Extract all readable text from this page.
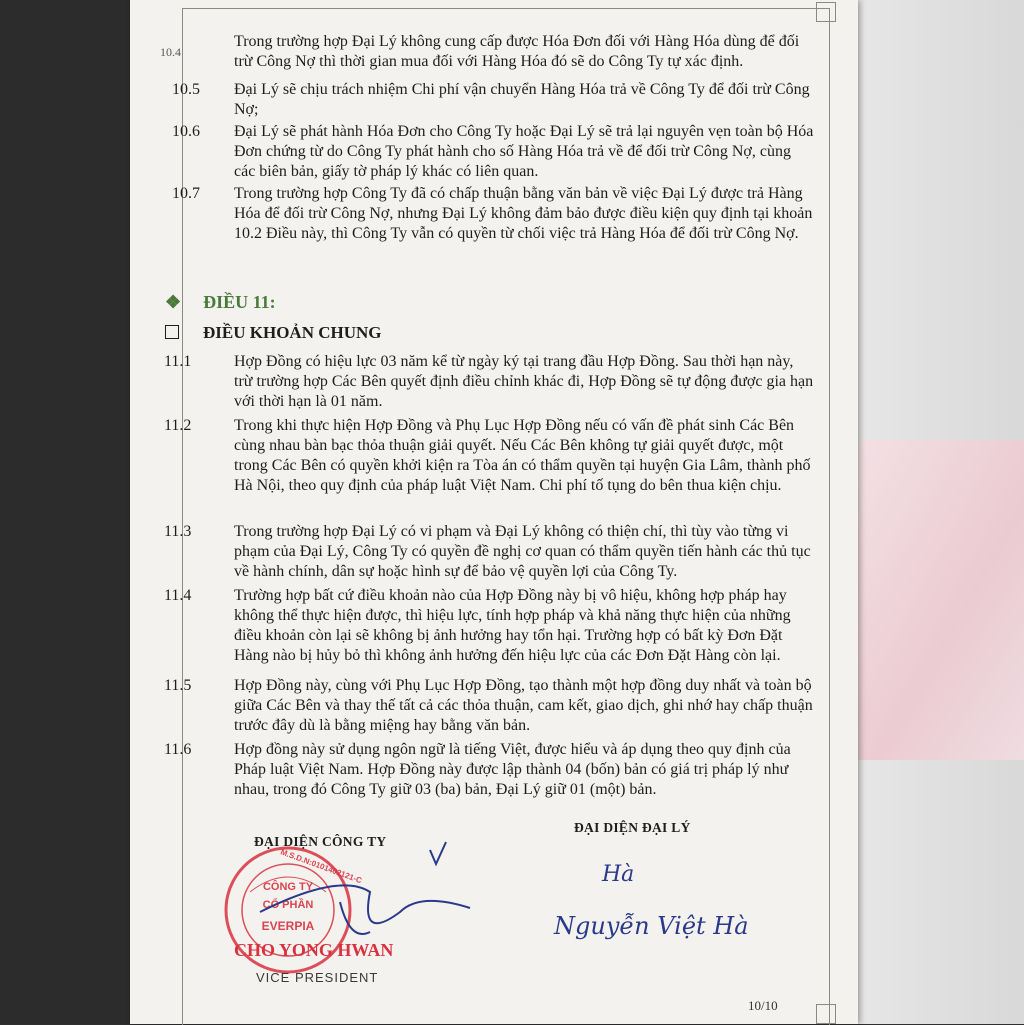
10.4
Trong trường hợp Đại Lý không cung cấp được Hóa Đơn đối với Hàng Hóa dùng để đối trừ Công Nợ thì thời gian mua đối với Hàng Hóa đó sẽ do Công Ty tự xác định.
10.5	Đại Lý sẽ chịu trách nhiệm Chi phí vận chuyển Hàng Hóa trả về Công Ty để đối trừ Công Nợ;
10.6	Đại Lý sẽ phát hành Hóa Đơn cho Công Ty hoặc Đại Lý sẽ trả lại nguyên vẹn toàn bộ Hóa Đơn chứng từ do Công Ty phát hành cho số Hàng Hóa trả về để đối trừ Công Nợ, cùng các biên bản, giấy tờ pháp lý khác có liên quan.
10.7	Trong trường hợp Công Ty đã có chấp thuận bằng văn bản về việc Đại Lý được trả Hàng Hóa để đối trừ Công Nợ, nhưng Đại Lý không đảm bảo được điều kiện quy định tại khoản 10.2 Điều này, thì Công Ty vẫn có quyền từ chối việc trả Hàng Hóa để đối trừ Công Nợ.
❖ ĐIỀU 11:
ĐIỀU KHOẢN CHUNG
11.1	Hợp Đồng có hiệu lực 03 năm kể từ ngày ký tại trang đầu Hợp Đồng. Sau thời hạn này, trừ trường hợp Các Bên quyết định điều chỉnh khác đi, Hợp Đồng sẽ tự động được gia hạn với thời hạn là 01 năm.
11.2	Trong khi thực hiện Hợp Đồng và Phụ Lục Hợp Đồng nếu có vấn đề phát sinh Các Bên cùng nhau bàn bạc thỏa thuận giải quyết. Nếu Các Bên không tự giải quyết được, một trong Các Bên có quyền khởi kiện ra Tòa án có thẩm quyền tại huyện Gia Lâm, thành phố Hà Nội, theo quy định của pháp luật Việt Nam. Chi phí tố tụng do bên thua kiện chịu.
11.3	Trong trường hợp Đại Lý có vi phạm và Đại Lý không có thiện chí, thì tùy vào từng vi phạm của Đại Lý, Công Ty có quyền đề nghị cơ quan có thẩm quyền tiến hành các thủ tục về hành chính, dân sự hoặc hình sự để bảo vệ quyền lợi của Công Ty.
11.4	Trường hợp bất cứ điều khoản nào của Hợp Đồng này bị vô hiệu, không hợp pháp hay không thể thực hiện được, thì hiệu lực, tính hợp pháp và khả năng thực hiện của những điều khoản còn lại sẽ không bị ảnh hưởng hay tổn hại. Trường hợp có bất kỳ Đơn Đặt Hàng nào bị hủy bỏ thì không ảnh hưởng đến hiệu lực của các Đơn Đặt Hàng còn lại.
11.5	Hợp Đồng này, cùng với Phụ Lục Hợp Đồng, tạo thành một hợp đồng duy nhất và toàn bộ giữa Các Bên và thay thế tất cả các thỏa thuận, cam kết, giao dịch, ghi nhớ hay chấp thuận trước đây dù là bằng miệng hay bằng văn bản.
11.6	Hợp đồng này sử dụng ngôn ngữ là tiếng Việt, được hiểu và áp dụng theo quy định của Pháp luật Việt Nam. Hợp Đồng này được lập thành 04 (bốn) bản có giá trị pháp lý như nhau, trong đó Công Ty giữ 03 (ba) bản, Đại Lý giữ 01 (một) bản.
ĐẠI DIỆN CÔNG TY
ĐẠI DIỆN ĐẠI LÝ
CÔNG TY
CỔ PHẦN
EVERPIA
M.S.D.N:0101402121-C
CHO YONG HWAN
VICE PRESIDENT
Hà
Nguyễn Việt Hà
10/10
